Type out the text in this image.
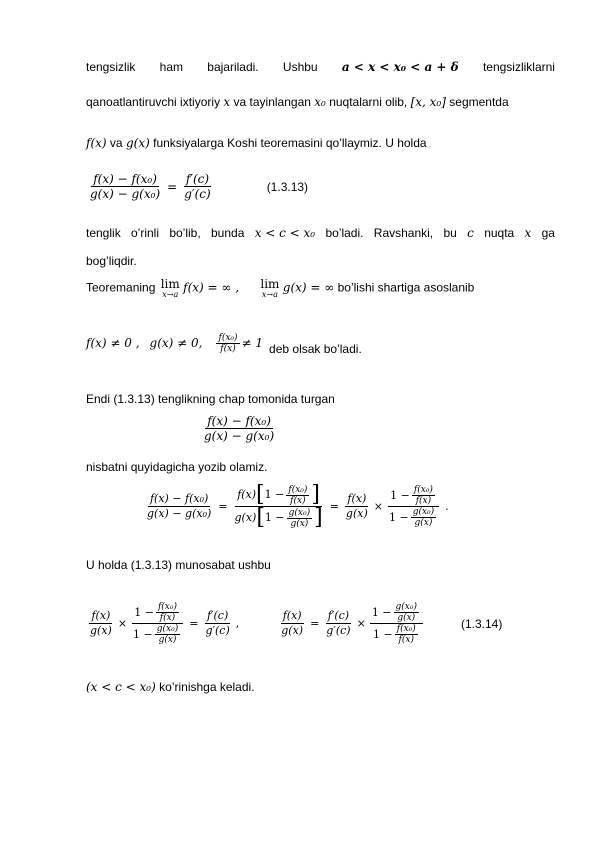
tengsizlik ham bajariladi. Ushbu a < x < x₀ < a + δ tengsizliklarni
qanoatlantiruvchi ixtiyoriy x va tayinlangan x₀ nuqtalarni olib, [x, x₀] segmentda
f(x) va g(x) funksiyalarga Koshi teoremasini qo’llaymiz. U holda
$\frac{\text{f(x) − f(x₀)}}{\text{g(x) − g(x₀)}} = \frac{f'(c)}{g'(c)}$	(1.3.13)
tenglik o’rinli bo’lib, bunda x < c < x₀ bo’ladi. Ravshanki, bu c nuqta x ga
bog’liqdir.
Teoremaning lim
x→a f(x) = ∞ , lim
x→a g(x) = ∞ bo’lishi shartiga asoslanib
f(x) ≠ 0 , g(x) ≠ 0, $\frac{\text{f(x₀)}}{f(x)} \ne 1$ deb olsak bo’ladi.
Endi (1.3.13) tenglikning chap tomonida turgan
$\frac{\text{f(x) − f(x₀)}}{\text{g(x) − g(x₀)}}$
nisbatni quyidagicha yozib olamiz.
$\frac{\text{f(x) − f(x₀)}}{\text{g(x) − g(x₀)}}$ =
f(x) [ $1 - \frac{\text{f(x₀)}}{f(x)}$ ]
g(x) [ $1 - \frac{\text{g(x₀)}}{g(x)}$ ] = $\frac{f(x)}{g(x)} \times \frac{1 - \frac{\text{f(x₀)}}{f(x)}}{1 - \frac{\text{g(x₀)}}{g(x)}}$ .
U holda (1.3.13) munosabat ushbu
$\frac{f(x)}{g(x)} \times \frac{1 - \frac{\text{f(x₀)}}{f(x)}}{1 - \frac{\text{g(x₀)}}{g(x)}} = \frac{f'(c)}{g'(c)}$ ,	$\frac{f(x)}{g(x)} = \frac{f'(c)}{g'(c)} \times \frac{1 - \frac{\text{g(x₀)}}{g(x)}}{1 - \frac{\text{f(x₀)}}{f(x)}}$	(1.3.14)
(x < c < x₀) ko’rinishga keladi.
